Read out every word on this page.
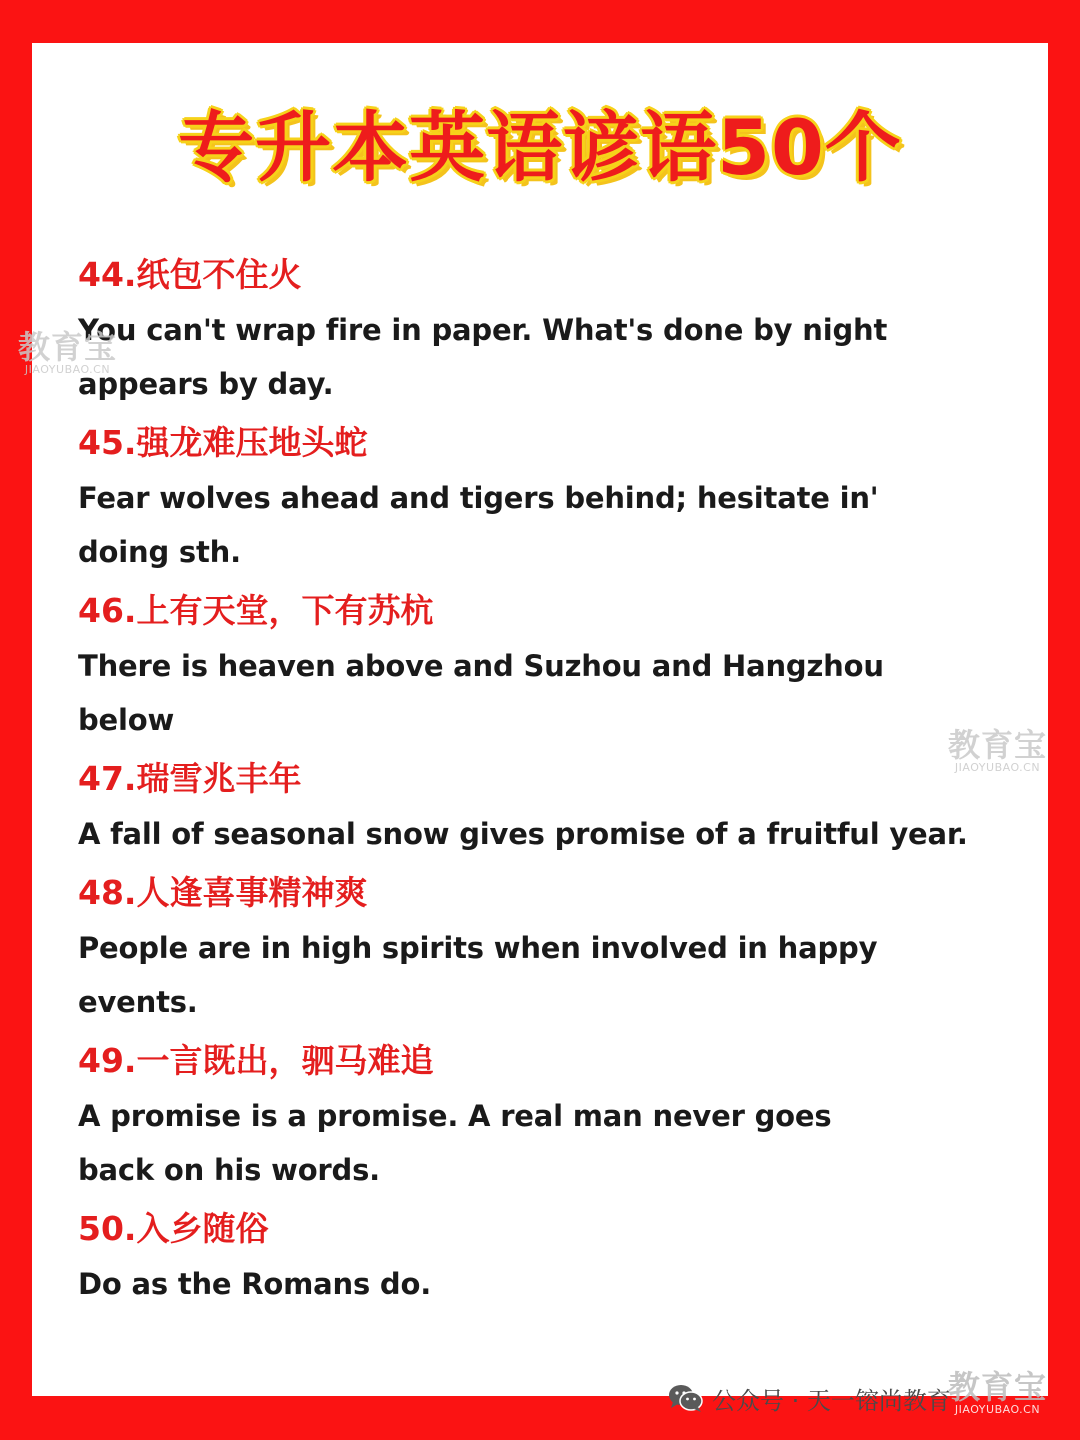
专升本英语谚语50个
44.纸包不住火
You can't wrap fire in paper. What's done by night appears by day.
45.强龙难压地头蛇
Fear wolves ahead and tigers behind; hesitate in' doing sth.
46.上有天堂，下有苏杭
There is heaven above and Suzhou and Hangzhou below
47.瑞雪兆丰年
A fall of seasonal snow gives promise of a fruitful year.
48.人逢喜事精神爽
People are in high spirits when involved in happy events.
49.一言既出，驷马难追
A promise is a promise. A real man never goes back on his words.
50.入乡随俗
Do as the Romans do.
教育宝
JIAOYUBAO.CN
教育宝
JIAOYUBAO.CN
公众号 · 天一镕尚教育
教育宝
JIAOYUBAO.CN
